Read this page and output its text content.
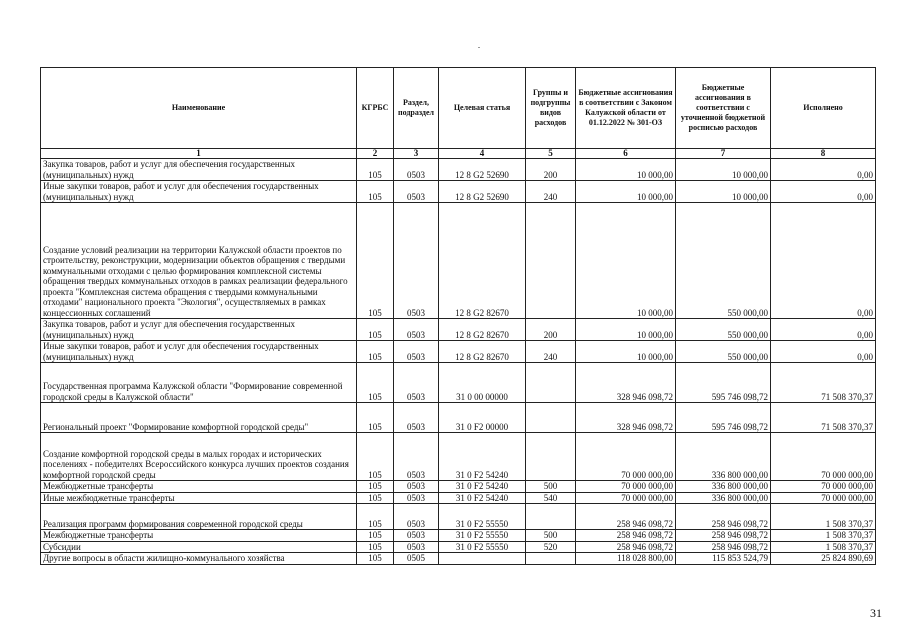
Наименование	КГРБС	Раздел, подраздел	Целевая статья	Группы и подгруппы видов расходов	Бюджетные ассигнования в соответствии с Законом Калужской области от 01.12.2022 № 301-ОЗ	Бюджетные ассигнования в соответствии с уточненной бюджетной росписью расходов	Исполнено
1	2	3	4	5	6	7	8
Закупка товаров, работ и услуг для обеспечения государственных (муниципальных) нужд	105	0503	12 8 G2 52690	200	10 000,00	10 000,00	0,00
Иные закупки товаров, работ и услуг для обеспечения государственных (муниципальных) нужд	105	0503	12 8 G2 52690	240	10 000,00	10 000,00	0,00
Создание условий реализации на территории Калужской области проектов по строительству, реконструкции, модернизации объектов обращения с твердыми коммунальными отходами с целью формирования комплексной системы обращения твердых коммунальных отходов в рамках реализации федерального проекта "Комплексная система обращения с твердыми коммунальными отходами" национального проекта "Экология", осуществляемых в рамках концессионных соглашений	105	0503	12 8 G2 82670		10 000,00	550 000,00	0,00
Закупка товаров, работ и услуг для обеспечения государственных (муниципальных) нужд	105	0503	12 8 G2 82670	200	10 000,00	550 000,00	0,00
Иные закупки товаров, работ и услуг для обеспечения государственных (муниципальных) нужд	105	0503	12 8 G2 82670	240	10 000,00	550 000,00	0,00
Государственная программа Калужской области "Формирование современной городской среды в Калужской области"	105	0503	31 0 00 00000		328 946 098,72	595 746 098,72	71 508 370,37
Региональный проект "Формирование комфортной городской среды"	105	0503	31 0 F2 00000		328 946 098,72	595 746 098,72	71 508 370,37
Создание комфортной городской среды в малых городах и исторических поселениях - победителях Всероссийского конкурса лучших проектов создания комфортной городской среды	105	0503	31 0 F2 54240		70 000 000,00	336 800 000,00	70 000 000,00
Межбюджетные трансферты	105	0503	31 0 F2 54240	500	70 000 000,00	336 800 000,00	70 000 000,00
Иные межбюджетные трансферты	105	0503	31 0 F2 54240	540	70 000 000,00	336 800 000,00	70 000 000,00
Реализация программ формирования современной городской среды	105	0503	31 0 F2 55550		258 946 098,72	258 946 098,72	1 508 370,37
Межбюджетные трансферты	105	0503	31 0 F2 55550	500	258 946 098,72	258 946 098,72	1 508 370,37
Субсидии	105	0503	31 0 F2 55550	520	258 946 098,72	258 946 098,72	1 508 370,37
Другие вопросы в области жилищно-коммунального хозяйства	105	0505			118 028 800,00	115 853 524,79	25 824 890,69
31
